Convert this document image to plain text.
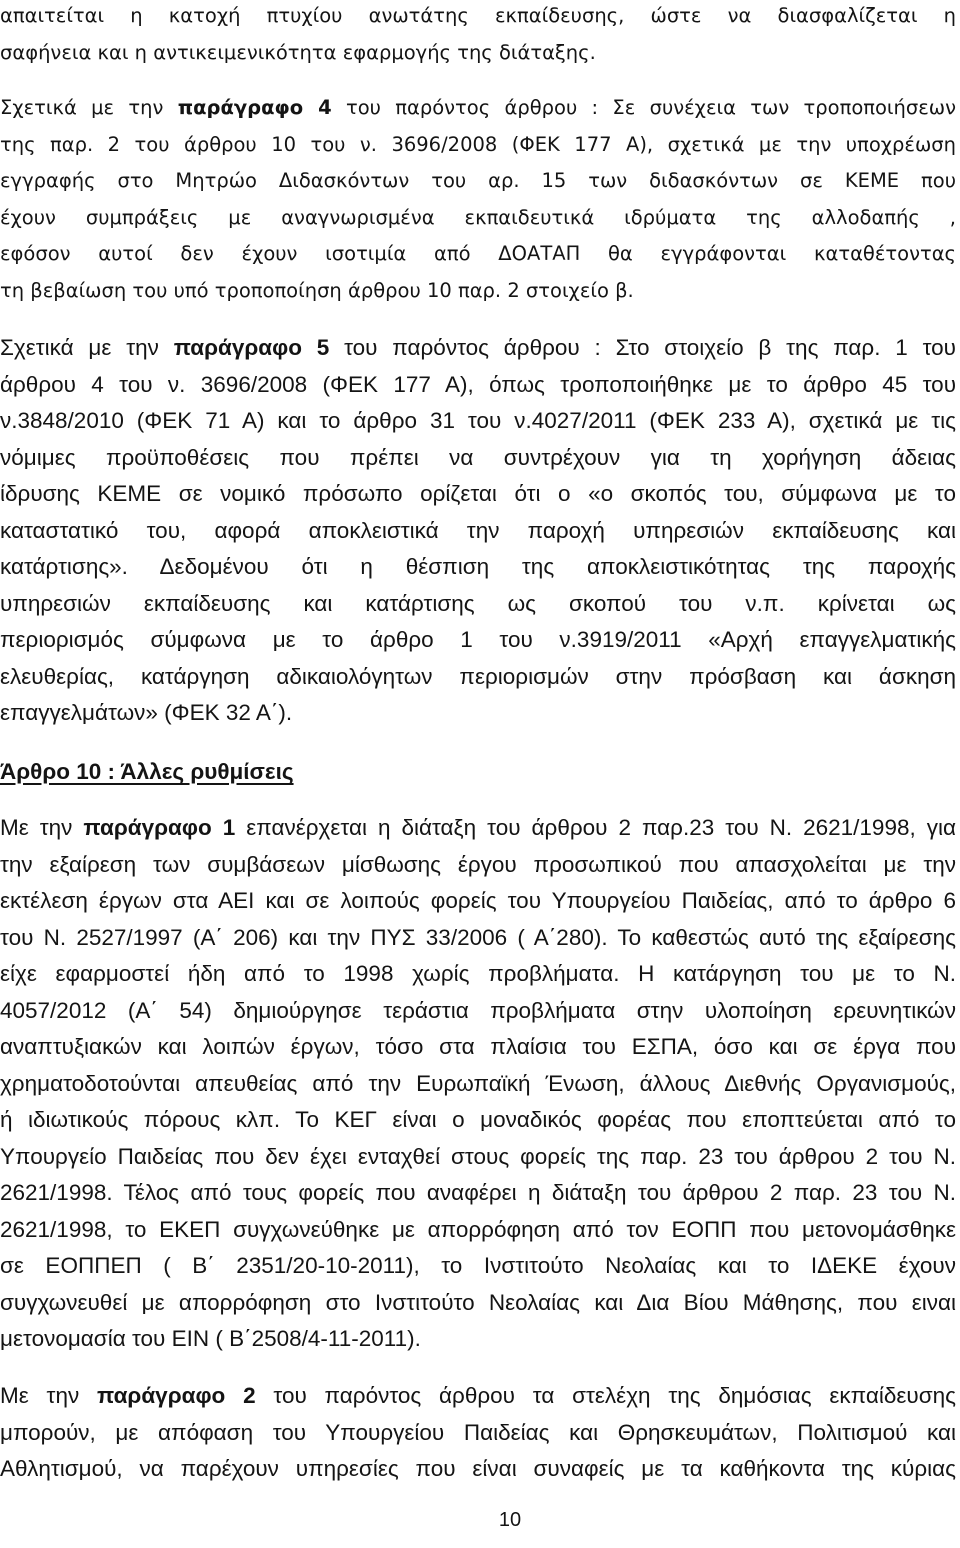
απαιτείται η κατοχή πτυχίου ανωτάτης εκπαίδευσης, ώστε να διασφαλίζεται η
σαφήνεια και η αντικειμενικότητα εφαρμογής της διάταξης.
Σχετικά με την παράγραφο 4 του παρόντος άρθρου : Σε συνέχεια των τροποποιήσεων
της παρ. 2 του άρθρου 10 του ν. 3696/2008 (ΦΕΚ 177 Α), σχετικά με την υποχρέωση
εγγραφής στο Μητρώο Διδασκόντων του αρ. 15 των διδασκόντων σε ΚΕΜΕ που
έχουν συμπράξεις με αναγνωρισμένα εκπαιδευτικά ιδρύματα της αλλοδαπής ,
εφόσον αυτοί δεν έχουν ισοτιμία από ΔΟΑΤΑΠ θα εγγράφονται καταθέτοντας
τη βεβαίωση του υπό τροποποίηση άρθρου 10 παρ. 2 στοιχείο β.
Σχετικά με την παράγραφο 5 του παρόντος άρθρου : Στο στοιχείο β της παρ. 1 του
άρθρου 4 του ν. 3696/2008 (ΦΕΚ 177 Α), όπως τροποποιήθηκε με το άρθρο 45 του
ν.3848/2010 (ΦΕΚ 71 Α) και το άρθρο 31 του ν.4027/2011 (ΦΕΚ 233 Α), σχετικά με τις
νόμιμες προϋποθέσεις που πρέπει να συντρέχουν για τη χορήγηση άδειας
ίδρυσης ΚΕΜΕ σε νομικό πρόσωπο ορίζεται ότι ο «ο σκοπός του, σύμφωνα με το
καταστατικό του, αφορά αποκλειστικά την παροχή υπηρεσιών εκπαίδευσης και
κατάρτισης». Δεδομένου ότι η θέσπιση της αποκλειστικότητας της παροχής
υπηρεσιών εκπαίδευσης και κατάρτισης ως σκοπού του ν.π. κρίνεται ως
περιορισμός σύμφωνα με το άρθρο 1 του ν.3919/2011 «Αρχή επαγγελματικής
ελευθερίας, κατάργηση αδικαιολόγητων περιορισμών στην πρόσβαση και άσκηση
επαγγελμάτων» (ΦΕΚ 32 Α΄).
Άρθρο 10 : Άλλες ρυθμίσεις
Με την παράγραφο 1 επανέρχεται η διάταξη του άρθρου 2 παρ.23 του Ν. 2621/1998, για
την εξαίρεση των συμβάσεων μίσθωσης έργου προσωπικού που απασχολείται με την
εκτέλεση έργων στα ΑΕΙ και σε λοιπούς φορείς του Υπουργείου Παιδείας, από το άρθρο 6
του Ν. 2527/1997 (Α΄ 206) και την ΠΥΣ 33/2006 ( Α΄280). Το καθεστώς αυτό της εξαίρεσης
είχε εφαρμοστεί ήδη από το 1998 χωρίς προβλήματα. Η κατάργηση του με το Ν.
4057/2012 (Α΄ 54) δημιούργησε τεράστια προβλήματα στην υλοποίηση ερευνητικών
αναπτυξιακών και λοιπών έργων, τόσο στα πλαίσια του ΕΣΠΑ, όσο και σε έργα που
χρηματοδοτούνται απευθείας από την Ευρωπαϊκή Ένωση, άλλους Διεθνής Οργανισμούς,
ή ιδιωτικούς πόρους κλπ. Το ΚΕΓ είναι ο μοναδικός φορέας που εποπτεύεται από το
Υπουργείο Παιδείας που δεν έχει ενταχθεί στους φορείς της παρ. 23 του άρθρου 2 του Ν.
2621/1998. Τέλος από τους φορείς που αναφέρει η διάταξη του άρθρου 2 παρ. 23 του Ν.
2621/1998, το ΕΚΕΠ συγχωνεύθηκε με απορρόφηση από τον ΕΟΠΠ που μετονομάσθηκε
σε ΕΟΠΠΕΠ ( Β΄ 2351/20-10-2011), το Ινστιτούτο Νεολαίας και το ΙΔΕΚΕ έχουν
συγχωνευθεί με απορρόφηση στο Ινστιτούτο Νεολαίας και Δια Βίου Μάθησης, που ειναι
μετονομασία του ΕΙΝ ( Β΄2508/4-11-2011).
Με την παράγραφο 2 του παρόντος άρθρου τα στελέχη της δημόσιας εκπαίδευσης
μπορούν, με απόφαση του Υπουργείου Παιδείας και Θρησκευμάτων, Πολιτισμού και
Αθλητισμού, να παρέχουν υπηρεσίες που είναι συναφείς με τα καθήκοντα της κύριας
10
